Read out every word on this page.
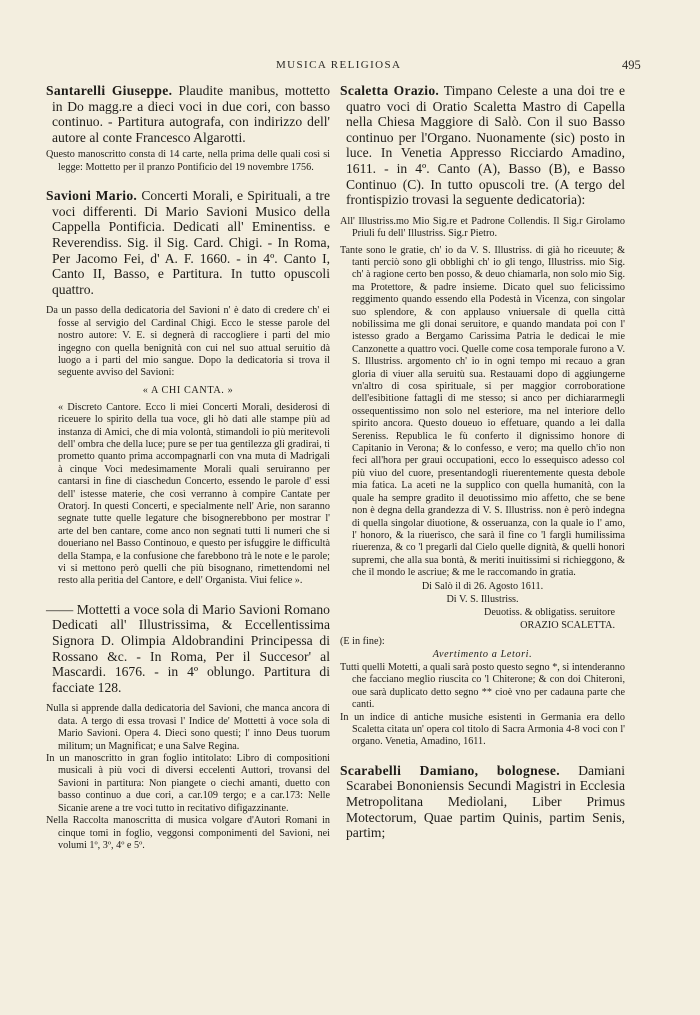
MUSICA RELIGIOSA	495

Santarelli Giuseppe. Plaudite manibus, mottetto in Do magg.re a dieci voci in due cori, con basso continuo. - Partitura autografa, con indirizzo dell' autore al conte Francesco Algarotti.

Questo manoscritto consta di 14 carte, nella prima delle quali così si legge: Mottetto per il pranzo Pontificio del 19 novembre 1756.

Savioni Mario. Concerti Morali, e Spirituali, a tre voci differenti. Di Mario Savioni Musico della Cappella Pontificia. Dedicati all' Eminentiss. e Reverendiss. Sig. il Sig. Card. Chigi. - In Roma, Per Jacomo Fei, d' A. F. 1660. - in 4º. Canto I, Canto II, Basso, e Partitura. In tutto opuscoli quattro.

Da un passo della dedicatoria del Savioni n' è dato di credere ch' ei fosse al servigio del Cardinal Chigi. Ecco le stesse parole del nostro autore: V. E. si degnerà di raccogliere i parti del mio ingegno con quella benignità con cui nel suo attual seruitio dà luogo a i parti del mio sangue. Dopo la dedicatoria si trova il seguente avviso del Savioni:

« A CHI CANTA. »

« Discreto Cantore. Ecco li miei Concerti Morali, desiderosi di riceuere lo spirito della tua voce, gli hò dati alle stampe più ad instanza di Amici, che di mia volontà, stimandoli io più meritevoli dell' ombra che della luce; pure se per tua gentilezza gli gradirai, ti prometto quanto prima accompagnarli con vna muta di Madrigali à cinque Voci medesimamente Morali quali seruiranno per cantarsi in fine di ciaschedun Concerto, essendo le parole d' essi dell' istesse materie, che così verranno à compire Cantate per Oratorj. In questi Concerti, e specialmente nell' Arie, non saranno segnate tutte quelle legature che bisognerebbono per mostrar l' arte del ben cantare, come anco non segnati tutti li numeri che si doueriano nel Basso Continouo, e questo per isfuggire le difficultà della Stampa, e la confusione che farebbono trà le note e le parole; vi si mettono però quelli che più bisognano, rimettendomi nel resto alla perìtia del Cantore, e dell' Organista. Viui felice ».

—— Mottetti a voce sola di Mario Savioni Romano Dedicati all' Illustrissima, & Eccellentissima Signora D. Olimpia Aldobrandini Principessa di Rossano &c. - In Roma, Per il Succesor' al Mascardi. 1676. - in 4º oblungo. Partitura di facciate 128.

Nulla si apprende dalla dedicatoria del Savioni, che manca ancora di data. A tergo di essa trovasi l' Indice de' Mottetti à voce sola di Mario Savioni. Opera 4. Dieci sono questi; l' inno Deus tuorum militum; un Magnificat; e una Salve Regina.

In un manoscritto in gran foglio intitolato: Libro di compositioni musicali à più voci di diversi eccelenti Auttori, trovansi del Savioni in partitura: Non piangete o ciechi amanti, duetto con basso continuo a due cori, a car.109 tergo; e a car.173: Nelle Sicanie arene a tre voci tutto in recitativo difigazzinante.

Nella Raccolta manoscritta di musica volgare d'Autori Romani in cinque tomi in foglio, veggonsi componimenti del Savioni, nei volumi 1º, 3º, 4º e 5º.

Scaletta Orazio. Timpano Celeste a una doi tre e quatro voci di Oratio Scaletta Mastro di Capella nella Chiesa Maggiore di Salò. Con il suo Basso continuo per l'Organo. Nuonamente (sic) posto in luce. In Venetia Appresso Ricciardo Amadino, 1611. - in 4º. Canto (A), Basso (B), e Basso Continuo (C). In tutto opuscoli tre. (A tergo del frontispizio trovasi la seguente dedicatoria):

All' Illustriss.mo Mio Sig.re et Padrone Collendis. Il Sig.r Girolamo Priuli fu dell' Illustriss. Sig.r Pietro.

Tante sono le gratie, ch' io da V. S. Illustriss. di già ho riceuute; & tanti perciò sono gli obblighi ch' io gli tengo, Illustriss. mio Sig. ch' à ragione certo ben posso, & deuo chiamarla, non solo mio Sig. ma Protettore, & padre insieme. Dicato quel suo felicissimo reggimento quando essendo ella Podestà in Vicenza, con singolar suo splendore, & con applauso vniuersale di quella città nobilissima me gli donai seruitore, e quando mandata poi con l' istesso grado a Bergamo Carissima Patria le dedicai le mie Canzonette a quattro voci. Quelle come cosa temporale furono a V. S. Illustriss. argomento ch' io in ogni tempo mi recauo a gran gloria di viuer alla seruitù sua. Restauami dopo di aggiungerne vn'altro di cosa spirituale, si per maggior corroboratione dell'esibitione fattagli di me stesso; si anco per dichiararmegli ossequentissimo non solo nel esteriore, ma nel interiore dello spirito ancora. Questo doueuo io effetuare, quando a lei dalla Sereniss. Republica le fù conferto il dignissimo honore di Capitanio in Verona; & lo confesso, e vero; ma quello ch'io non feci all'hora per graui occupationi, ecco lo essequisco adesso col più viuo del cuore, presentandogli riuerentemente questa debole mia fatica. La aceti ne la supplico con quella humanità, con la quale ha sempre gradito il deuotissimo mio affetto, che se bene non è degna della grandezza di V. S. Illustriss. non è però indegna di quella singolar diuotione, & osseruanza, con la quale io l' amo, l' honoro, & la riuerisco, che sarà il fine co 'l farglì humilissima riuerenza, & co 'l pregarli dal Cielo quelle dignità, & quelli honori supremi, che alla sua bontà, & meriti inuitissimi si richieggono, & che il mondo le ascriue; & me le raccomando in gratia.

Di Salò il dì 26. Agosto 1611.

Di V. S. Illustriss.

Deuotiss. & obligatiss. seruitore

ORAZIO SCALETTA.

(E in fine):

Avertimento a Letori.

Tutti quelli Motetti, a quali sarà posto questo segno *, si intenderanno che facciano meglio riuscita co 'l Chiterone; & con doi Chiteroni, oue sarà duplicato detto segno ** cioè vno per cadauna parte che canti.

In un indice di antiche musiche esistenti in Germania era dello Scaletta citata un' opera col titolo di Sacra Armonia 4-8 voci con l' organo. Venetia, Amadino, 1611.

Scarabelli Damiano, bolognese. Damiani Scarabei Bononiensis Secundi Magistri in Ecclesia Metropolitana Mediolani, Liber Primus Motectorum, Quae partim Quinis, partim Senis, partim;
